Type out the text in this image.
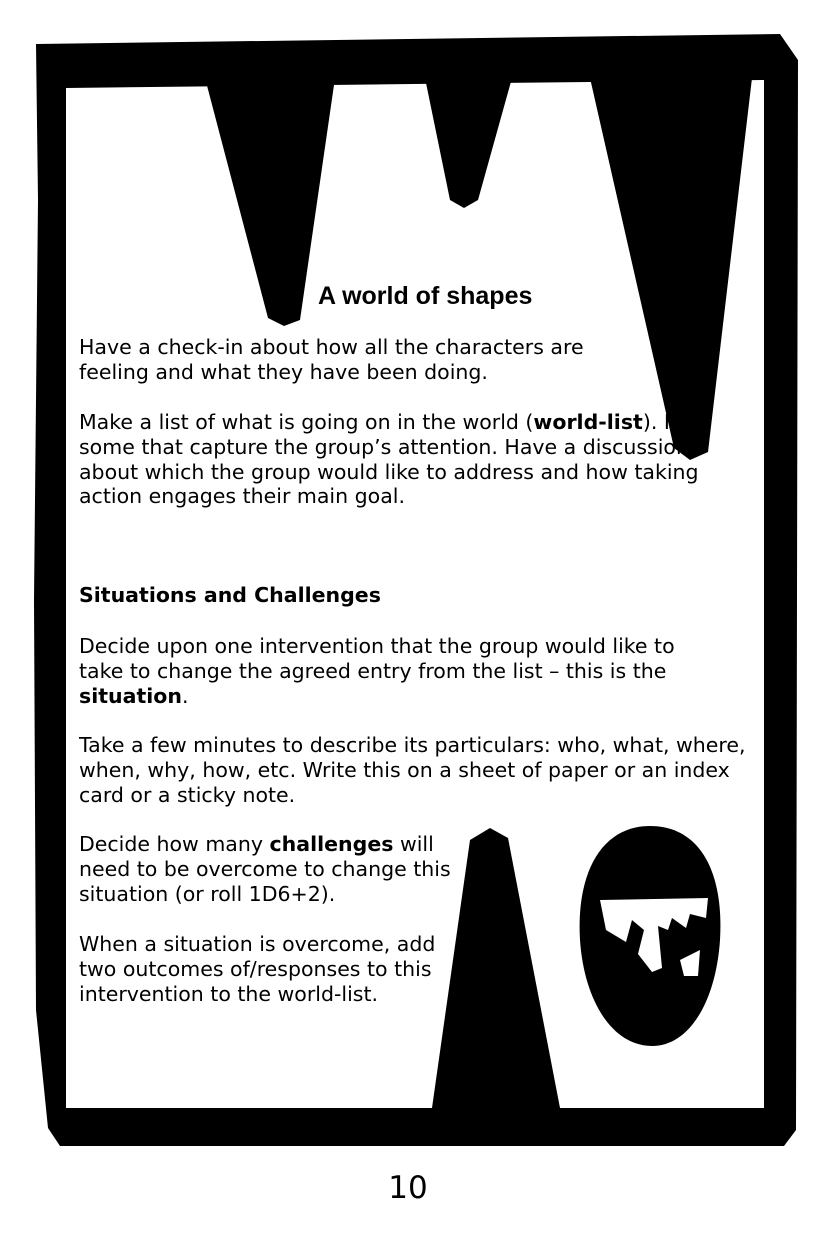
A world of shapes

Have a check-in about how all the characters are feeling and what they have been doing.

Make a list of what is going on in the world (world-list). Flag some that capture the group’s attention. Have a discussion about which the group would like to address and how taking action engages their main goal.

Situations and Challenges

Decide upon one intervention that the group would like to take to change the agreed entry from the list – this is the situation.

Take a few minutes to describe its particulars: who, what, where, when, why, how, etc. Write this on a sheet of paper or an index card or a sticky note.

Decide how many challenges will need to be overcome to change this situation (or roll 1D6+2).

When a situation is overcome, add two outcomes of/responses to this intervention to the world-list.

10
